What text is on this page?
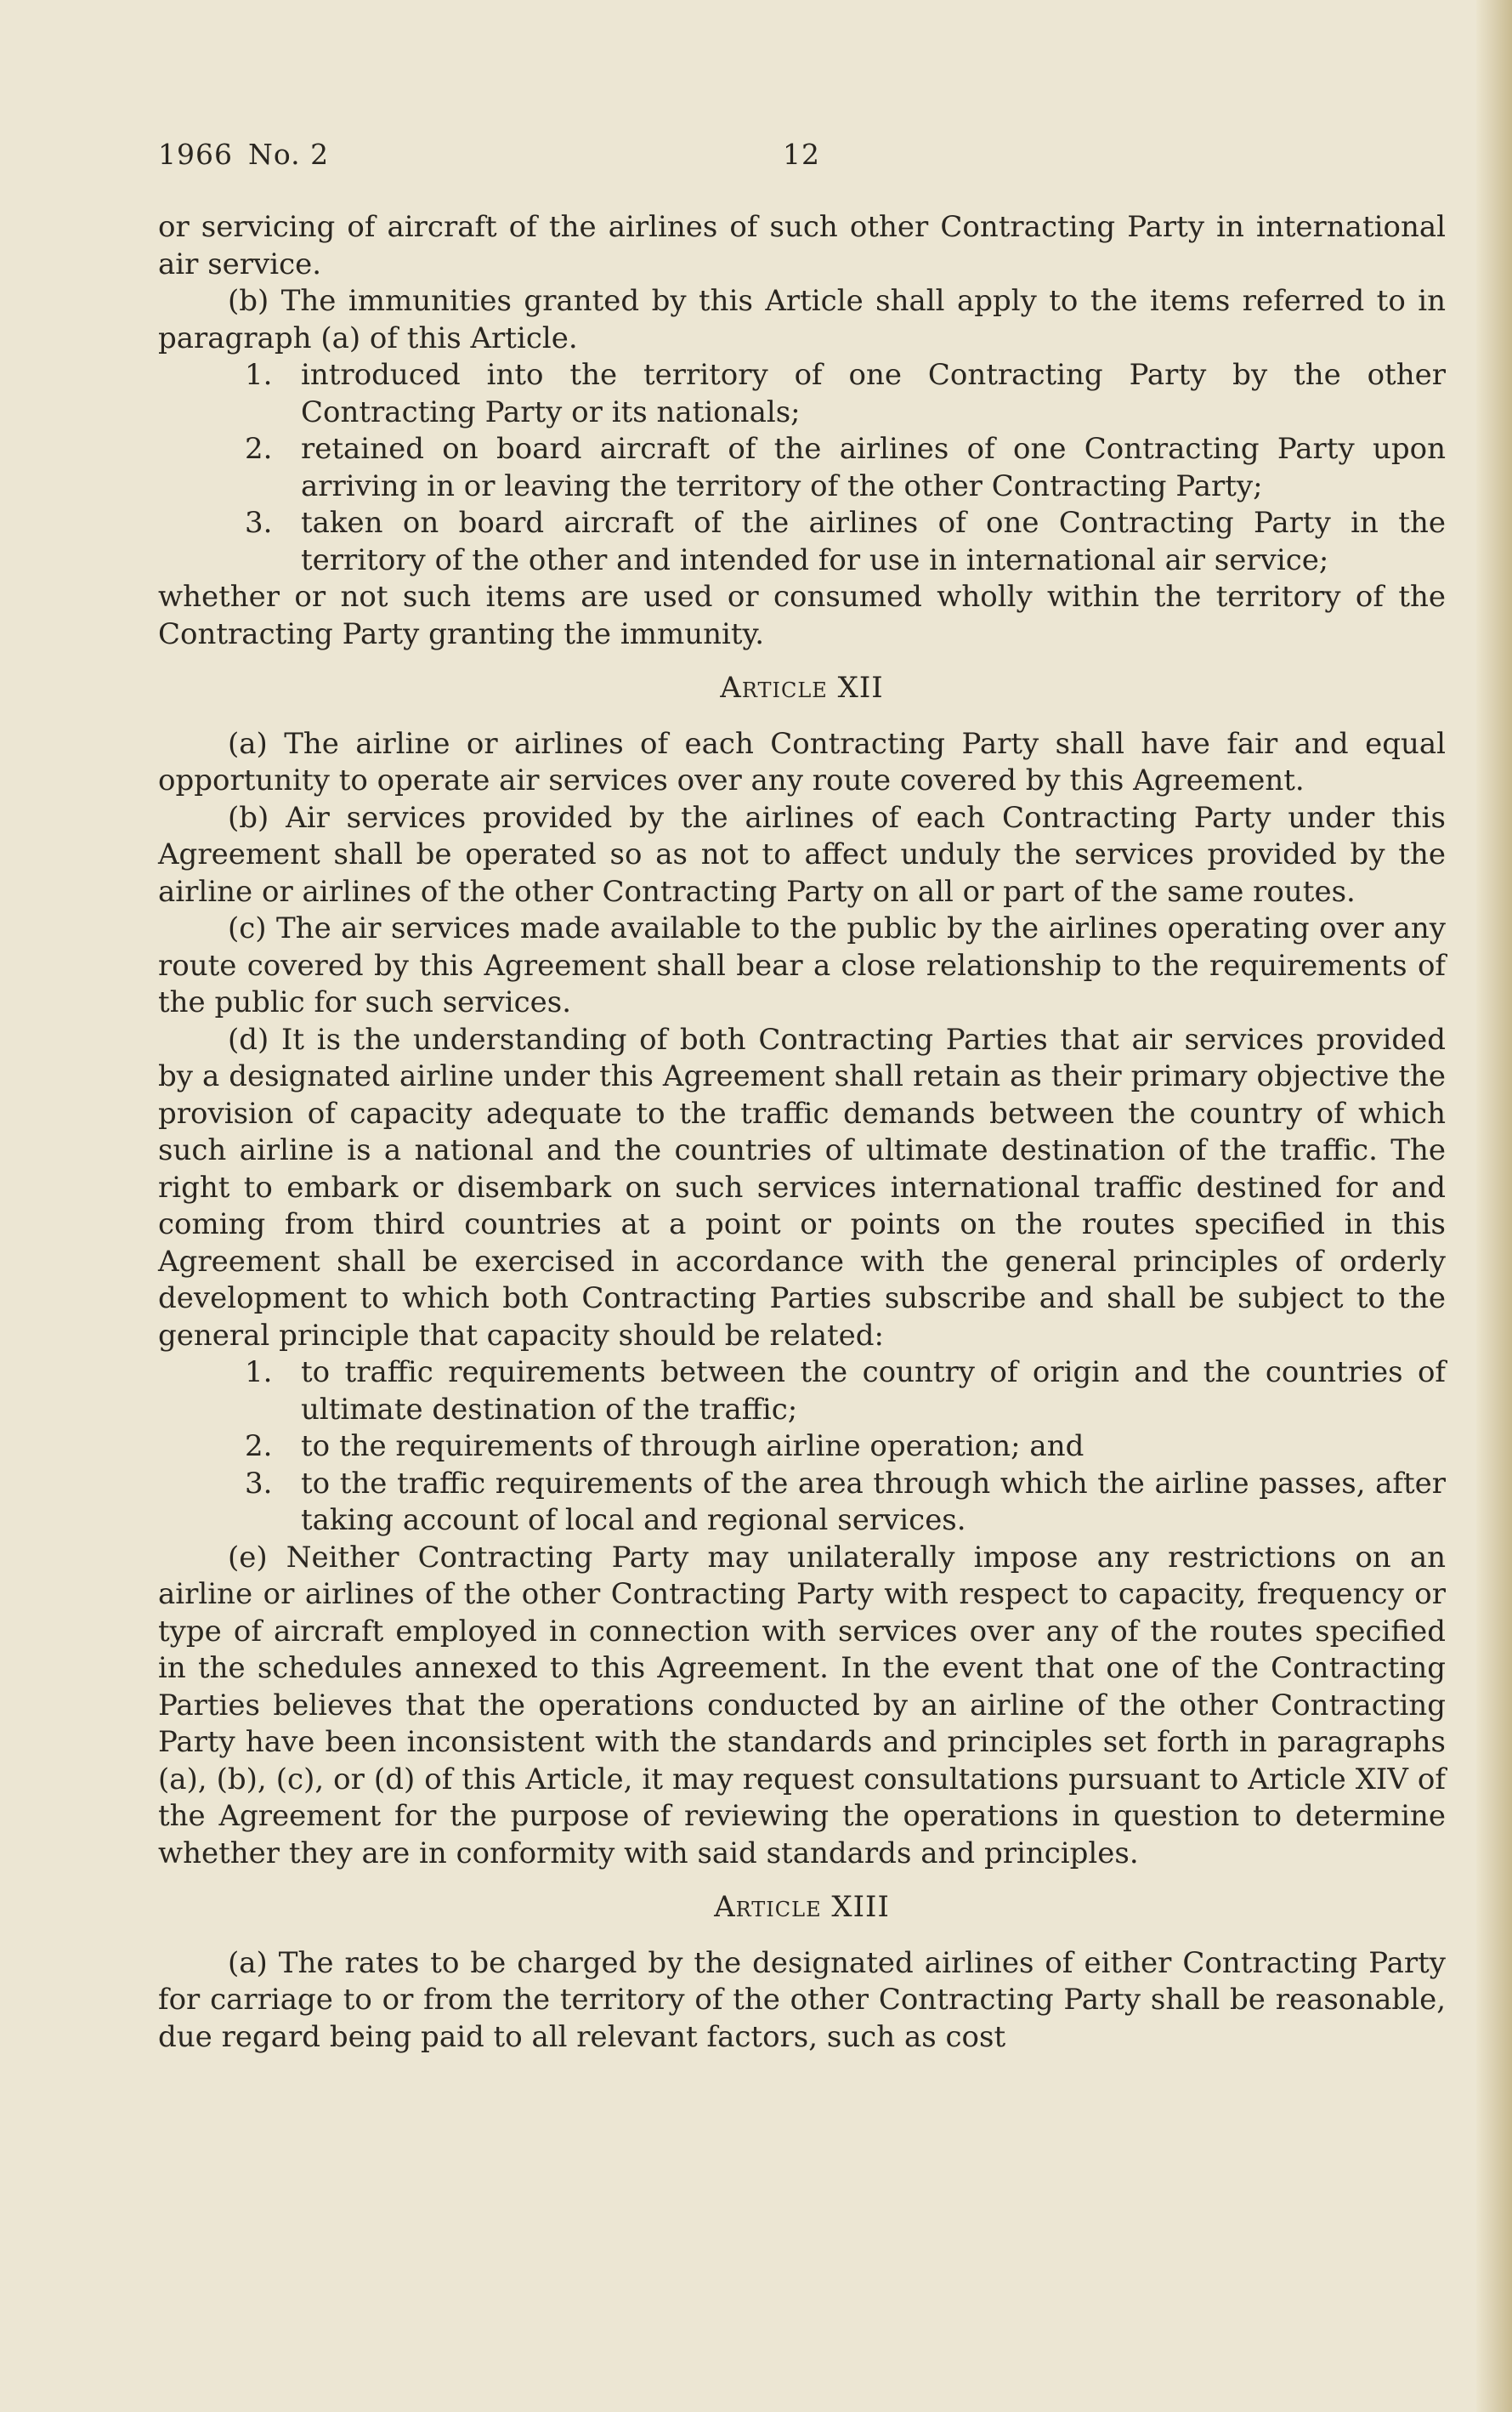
1966 No. 2	12

or servicing of aircraft of the airlines of such other Contracting Party in international air service.

(b) The immunities granted by this Article shall apply to the items referred to in paragraph (a) of this Article.

1. introduced into the territory of one Contracting Party by the other Contracting Party or its nationals;
2. retained on board aircraft of the airlines of one Contracting Party upon arriving in or leaving the territory of the other Contracting Party;
3. taken on board aircraft of the airlines of one Contracting Party in the territory of the other and intended for use in international air service;

whether or not such items are used or consumed wholly within the territory of the Contracting Party granting the immunity.

Article XII

(a) The airline or airlines of each Contracting Party shall have fair and equal opportunity to operate air services over any route covered by this Agreement.

(b) Air services provided by the airlines of each Contracting Party under this Agreement shall be operated so as not to affect unduly the services provided by the airline or airlines of the other Contracting Party on all or part of the same routes.

(c) The air services made available to the public by the airlines operating over any route covered by this Agreement shall bear a close relationship to the requirements of the public for such services.

(d) It is the understanding of both Contracting Parties that air services provided by a designated airline under this Agreement shall retain as their primary objective the provision of capacity adequate to the traffic demands between the country of which such airline is a national and the countries of ultimate destination of the traffic. The right to embark or disembark on such services international traffic destined for and coming from third countries at a point or points on the routes specified in this Agreement shall be exercised in accordance with the general principles of orderly development to which both Contracting Parties subscribe and shall be subject to the general principle that capacity should be related:

1. to traffic requirements between the country of origin and the countries of ultimate destination of the traffic;
2. to the requirements of through airline operation; and
3. to the traffic requirements of the area through which the airline passes, after taking account of local and regional services.

(e) Neither Contracting Party may unilaterally impose any restrictions on an airline or airlines of the other Contracting Party with respect to capacity, frequency or type of aircraft employed in connection with services over any of the routes specified in the schedules annexed to this Agreement. In the event that one of the Contracting Parties believes that the operations conducted by an airline of the other Contracting Party have been inconsistent with the standards and principles set forth in paragraphs (a), (b), (c), or (d) of this Article, it may request consultations pursuant to Article XIV of the Agreement for the purpose of reviewing the operations in question to determine whether they are in conformity with said standards and principles.

Article XIII

(a) The rates to be charged by the designated airlines of either Contracting Party for carriage to or from the territory of the other Contracting Party shall be reasonable, due regard being paid to all relevant factors, such as cost
